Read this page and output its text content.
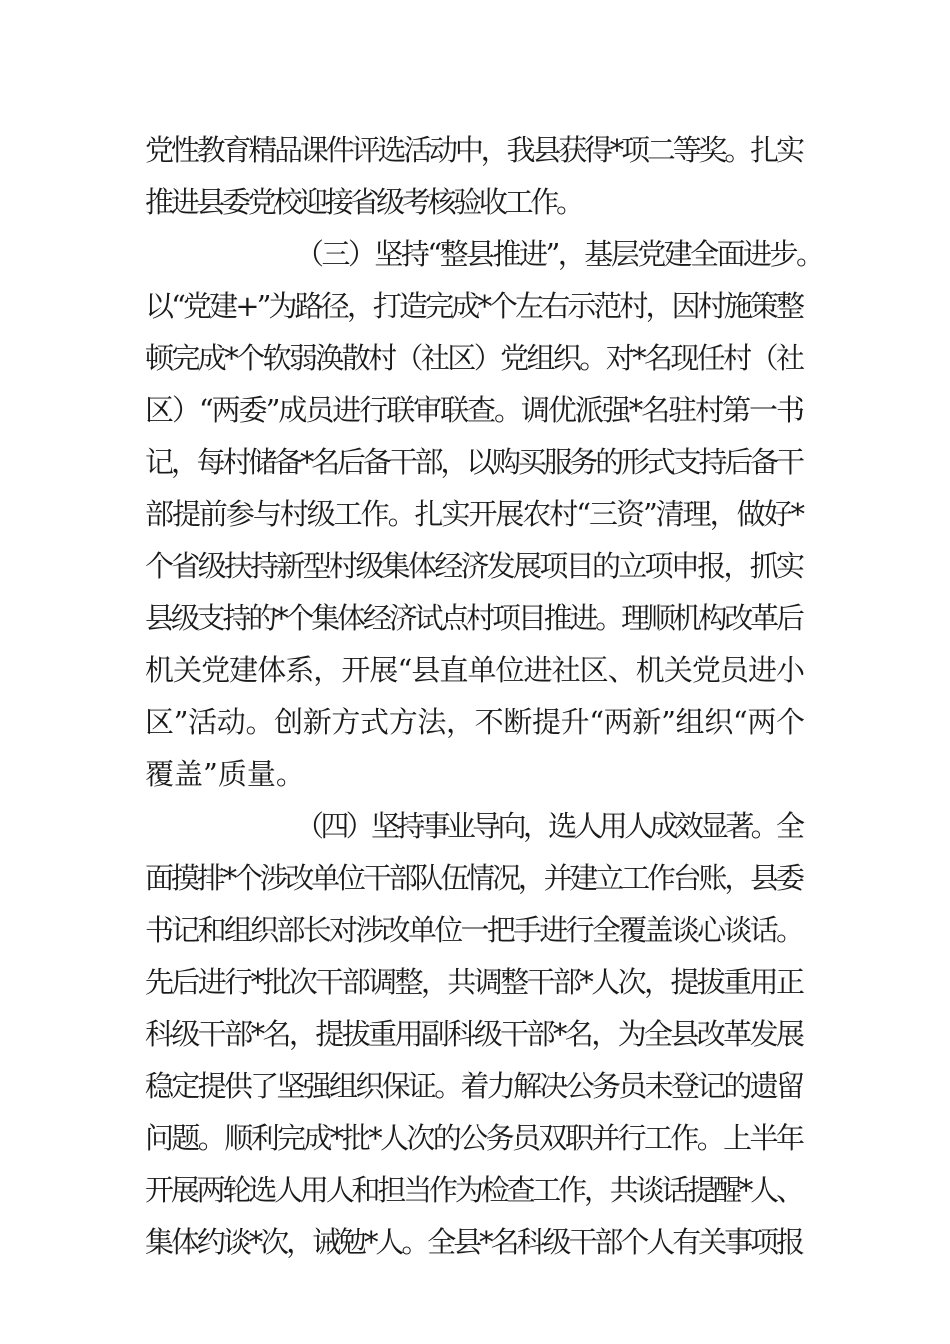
党性教育精品课件评选活动中，我县获得*项二等奖。扎实
推进县委党校迎接省级考核验收工作。
（三）坚持“整县推进”，基层党建全面进步。
以“党建+”为路径，打造完成*个左右示范村，因村施策整
顿完成*个软弱涣散村（社区）党组织。对*名现任村（社
区）“两委”成员进行联审联查。调优派强*名驻村第一书
记，每村储备*名后备干部，以购买服务的形式支持后备干
部提前参与村级工作。扎实开展农村“三资”清理，做好*
个省级扶持新型村级集体经济发展项目的立项申报，抓实
县级支持的*个集体经济试点村项目推进。理顺机构改革后
机关党建体系，开展“县直单位进社区、机关党员进小
区”活动。创新方式方法，不断提升“两新”组织“两个
覆盖”质量。
（四）坚持事业导向，选人用人成效显著。全
面摸排*个涉改单位干部队伍情况，并建立工作台账，县委
书记和组织部长对涉改单位一把手进行全覆盖谈心谈话。
先后进行*批次干部调整，共调整干部*人次，提拔重用正
科级干部*名，提拔重用副科级干部*名，为全县改革发展
稳定提供了坚强组织保证。着力解决公务员未登记的遗留
问题。顺利完成*批*人次的公务员双职并行工作。上半年
开展两轮选人用人和担当作为检查工作，共谈话提醒*人、
集体约谈*次，诫勉*人。全县*名科级干部个人有关事项报
